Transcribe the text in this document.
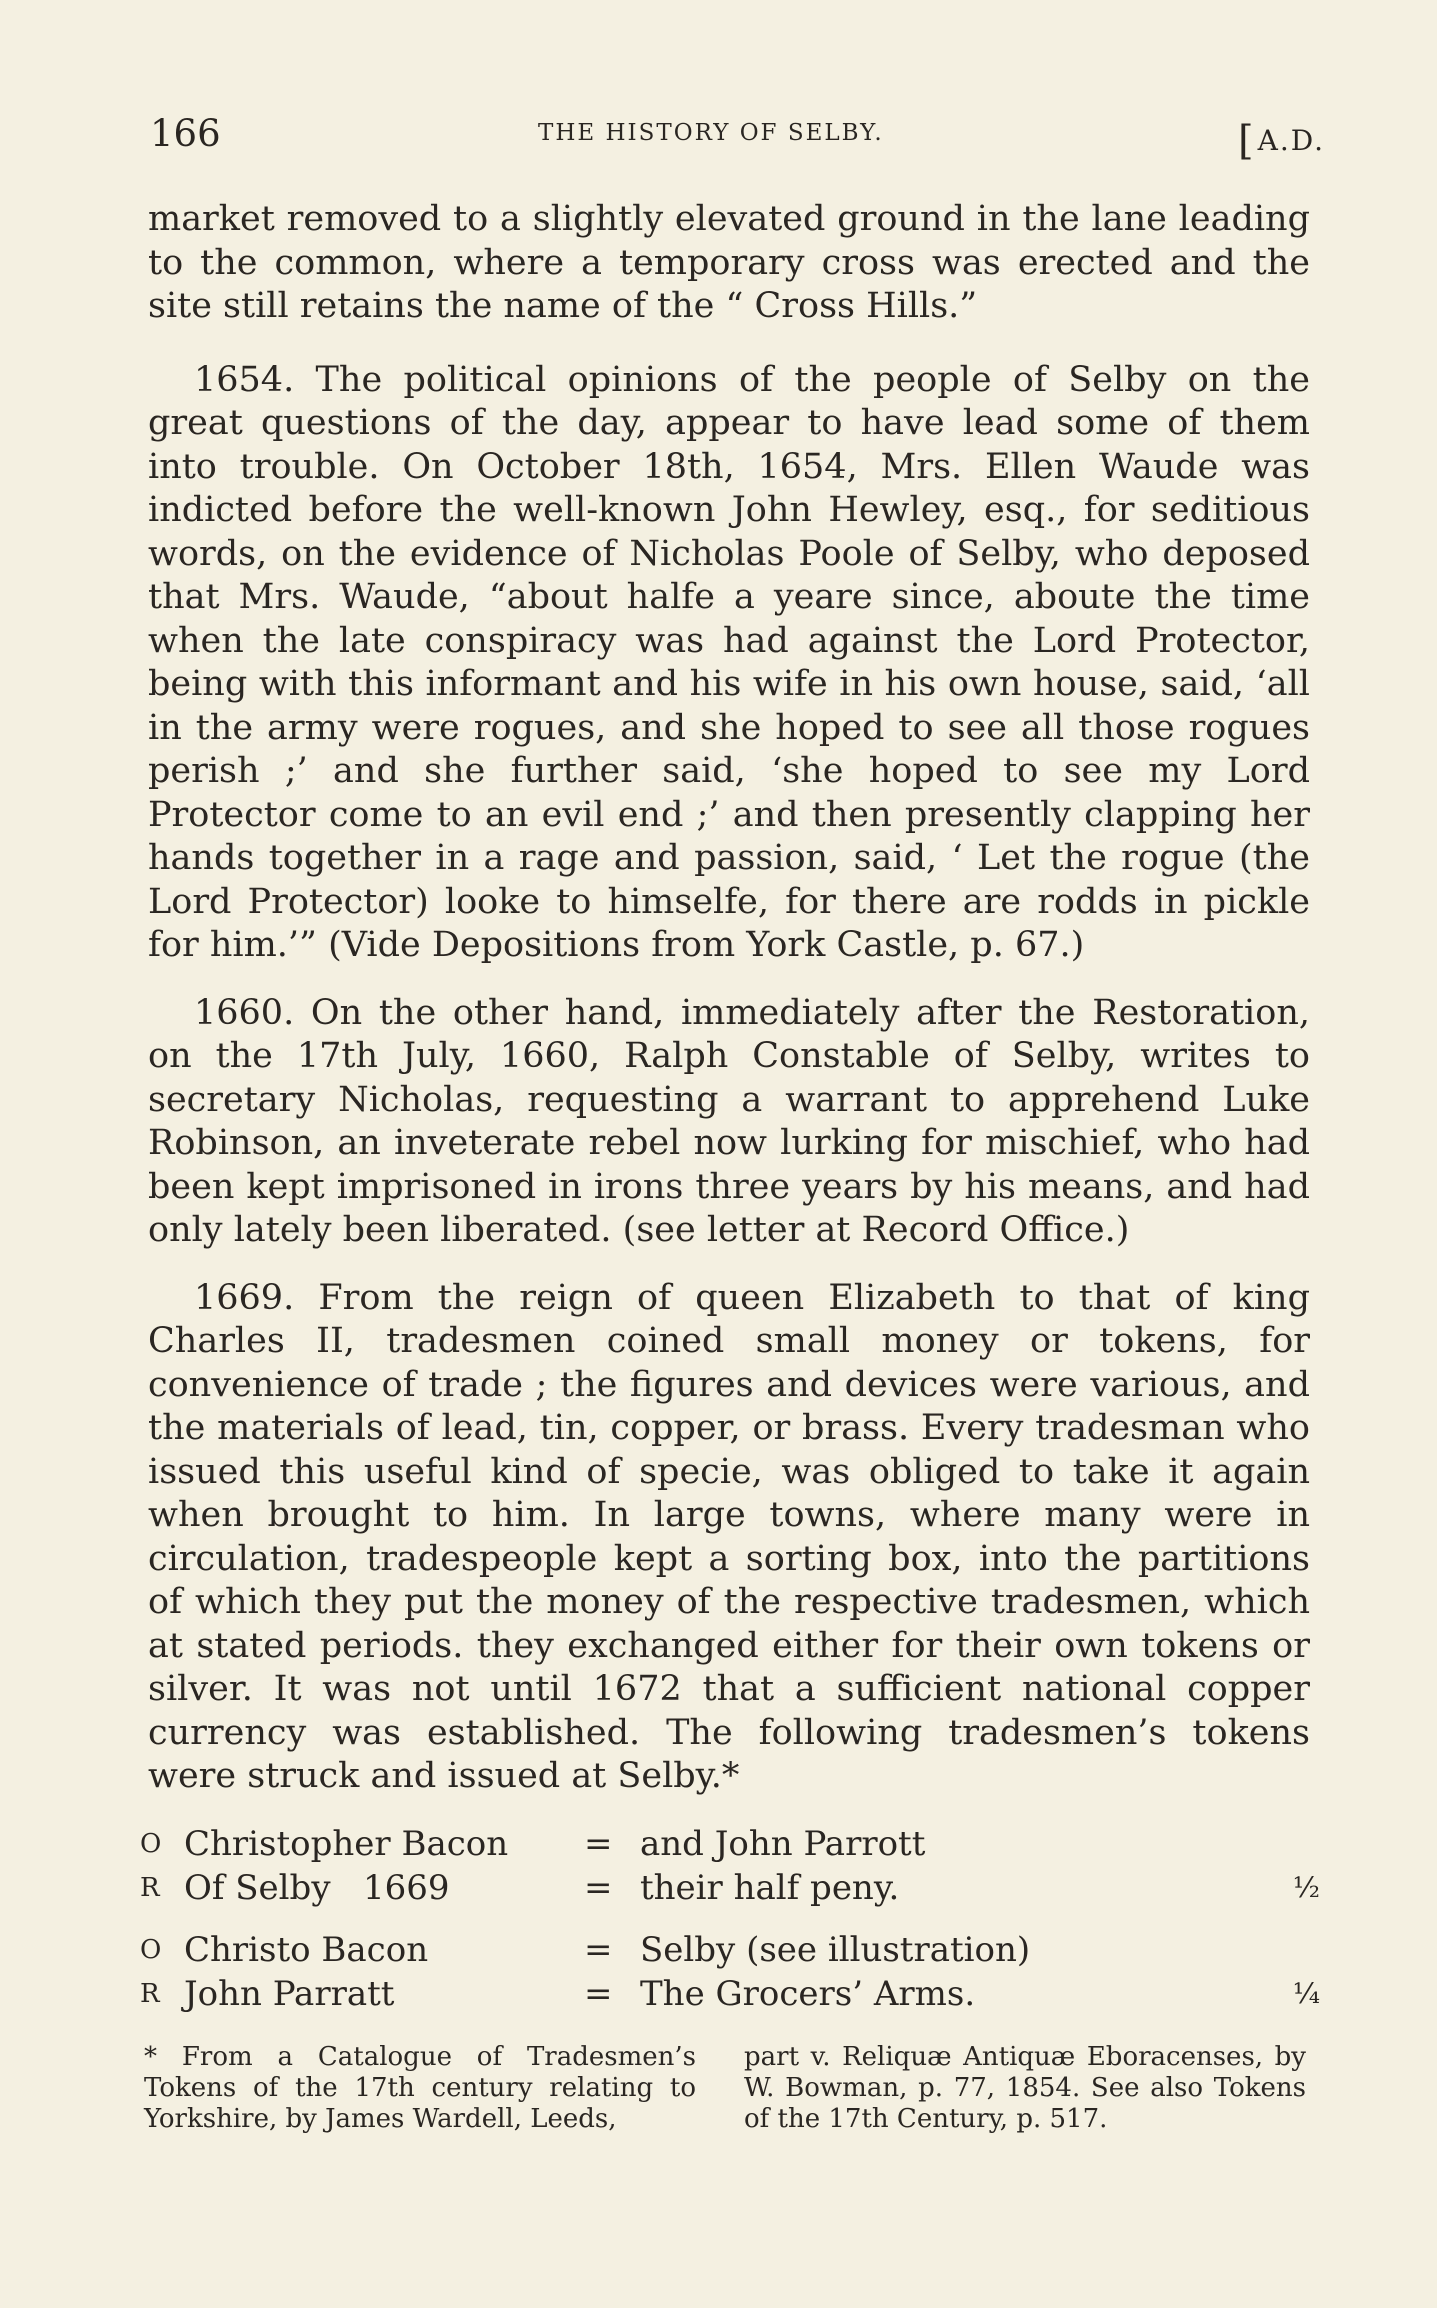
166	THE HISTORY OF SELBY.
[	A.D.

market removed to a slightly elevated ground in the lane leading to the common, where a temporary cross was erected and the site still retains the name of the “ Cross Hills.”

1654. The political opinions of the people of Selby on the great questions of the day, appear to have lead some of them into trouble. On October 18th, 1654, Mrs. Ellen Waude was indicted before the well-known John Hewley, esq., for seditious words, on the evidence of Nicholas Poole of Selby, who deposed that Mrs. Waude, “about halfe a yeare since, aboute the time when the late conspiracy was had against the Lord Protector, being with this informant and his wife in his own house, said, ‘all in the army were rogues, and she hoped to see all those rogues perish ;’ and she further said, ‘she hoped to see my Lord Protector come to an evil end ;’ and then presently clapping her hands together in a rage and passion, said, ‘ Let the rogue (the Lord Protector) looke to himselfe, for there are rodds in pickle for him.’” (Vide Depositions from York Castle, p. 67.)

1660. On the other hand, immediately after the Restoration, on the 17th July, 1660, Ralph Constable of Selby, writes to secretary Nicholas, requesting a warrant to apprehend Luke Robinson, an inveterate rebel now lurking for mischief, who had been kept imprisoned in irons three years by his means, and had only lately been liberated. (see letter at Record Office.)

1669. From the reign of queen Elizabeth to that of king Charles II, tradesmen coined small money or tokens, for convenience of trade ; the figures and devices were various, and the materials of lead, tin, copper, or brass. Every tradesman who issued this useful kind of specie, was obliged to take it again when brought to him. In large towns, where many were in circulation, tradespeople kept a sorting box, into the partitions of which they put the money of the respective tradesmen, which at stated periods. they exchanged either for their own tokens or silver. It was not until 1672 that a sufficient national copper currency was established. The following tradesmen’s tokens were struck and issued at Selby.*

O Christopher Bacon = and John Parrott
R Of Selby   1669	= their half peny.	½
O Christo Bacon	= Selby (see illustration)
R John Parratt	= The Grocers’ Arms.	¼
* From a Catalogue of Tradesmen’s Tokens of the 17th century relating to Yorkshire, by James Wardell, Leeds,
part v. Reliquæ Antiquæ Eboracenses, by W. Bowman, p. 77, 1854. See also Tokens of the 17th Century, p. 517.
